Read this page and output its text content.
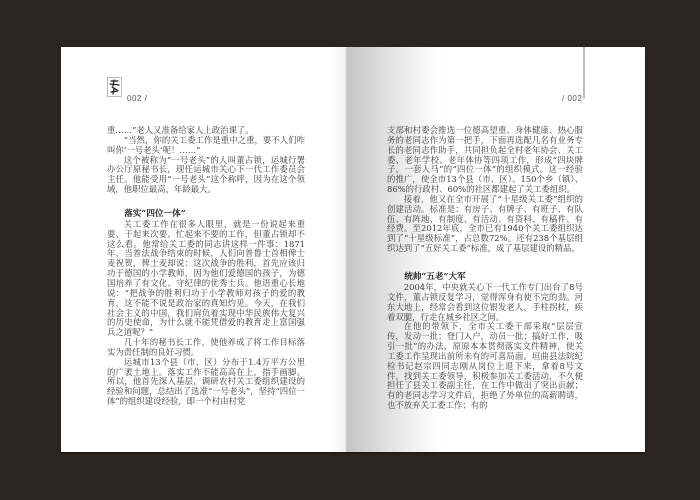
002 /

重……”老人又准备给家人上政治课了。

“当然，你的关工委工作是重中之重，要不人们咋叫你‘一号老头’呢！……”

这个被称为“一号老头”的人叫董占锁，运城行署办公厅原秘书长，现任运城市关心下一代工作委员会主任。他能受用“一号老头”这个称呼，因为在这个领域，他职位最高，年龄最大。

落实“四位一体”

关工委工作在很多人眼里，就是一份说起来重要、干起来次要、忙起来不要的工作，但董占锁却不这么看。他常给关工委的同志讲这样一件事：1871年，当普法战争结束的时候，人们向普鲁士首相俾士麦祝贺，俾士麦却说：这次战争的胜利，首先应该归功于德国的小学教师，因为他们爱德国的孩子，为德国培养了有文化、守纪律的优秀士兵。他语重心长地说：“把战争的胜利归功于小学教师对孩子的爱的教育，这不能不说是政治家的真知灼见。今天，在我们社会主义的中国，我们肩负着实现中华民族伟大复兴的历史使命，为什么就不能凭借爱的教育走上富国强兵之道呢？”

几十年的秘书长工作，使他养成了将工作目标落实为责任制的良好习惯。

运城市13个县（市、区）分布于1.4万平方公里的广袤土地上。落实工作不能高高在上，指手画脚。所以，他首先深入基层，调研农村关工委组织建设的经验和问题，总结出了选准“一号老头”，坚持“四位一体”的组织建设经验，即一个村由村党

/ 002

支部和村委会推选一位德高望重、身体健康、热心服务的老同志作为第一把手，下面再选配几名有业务专长的老同志作助手，共同担负起全村老年协会、关工委、老年学校、老年体协等四项工作，形成“四块牌子，一套人马”的“四位一体”的组织模式。这一经验的推广，使全市13个县（市、区）、150个乡（镇）、86%的行政村、60%的社区都建起了关工委组织。

接着，他又在全市开展了“十星级关工委”组织的创建活动。标准是：有房子、有牌子、有班子、有队伍、有阵地、有制度、有活动、有资料、有稿件、有经费。至2012年底，全市已有1940个关工委组织达到了“十星级标准”，占总数72%。还有238个基层组织达到了“五好关工委”标准，成了基层建设的精品。

统帅“五老”大军

2004年，中央就关心下一代工作专门出台了8号文件，董占锁反复学习，觉得浑身有使不完的劲。河东大地上，经常会看到这位银发老人，手柱拐杖，疾着双腿，行走在城乡社区之间。

在他的带领下，全市关工委干部采取“层层宣传，发动一批；登门入户，动员一批；搞好工作，吸引一批”的办法，原原本本贯彻落实文件精神，使关工委工作呈现出前所未有的可喜局面。垣曲县法院纪检书记赵宗四同志刚从岗位上退下来，拿着8号文件，找到关工委领导，积极参加关工委活动，不久便担任了县关工委副主任，在工作中做出了突出贡献；有的老同志学习文件后，拒绝了外单位的高薪聘请，也不放弃关工委工作；有的
